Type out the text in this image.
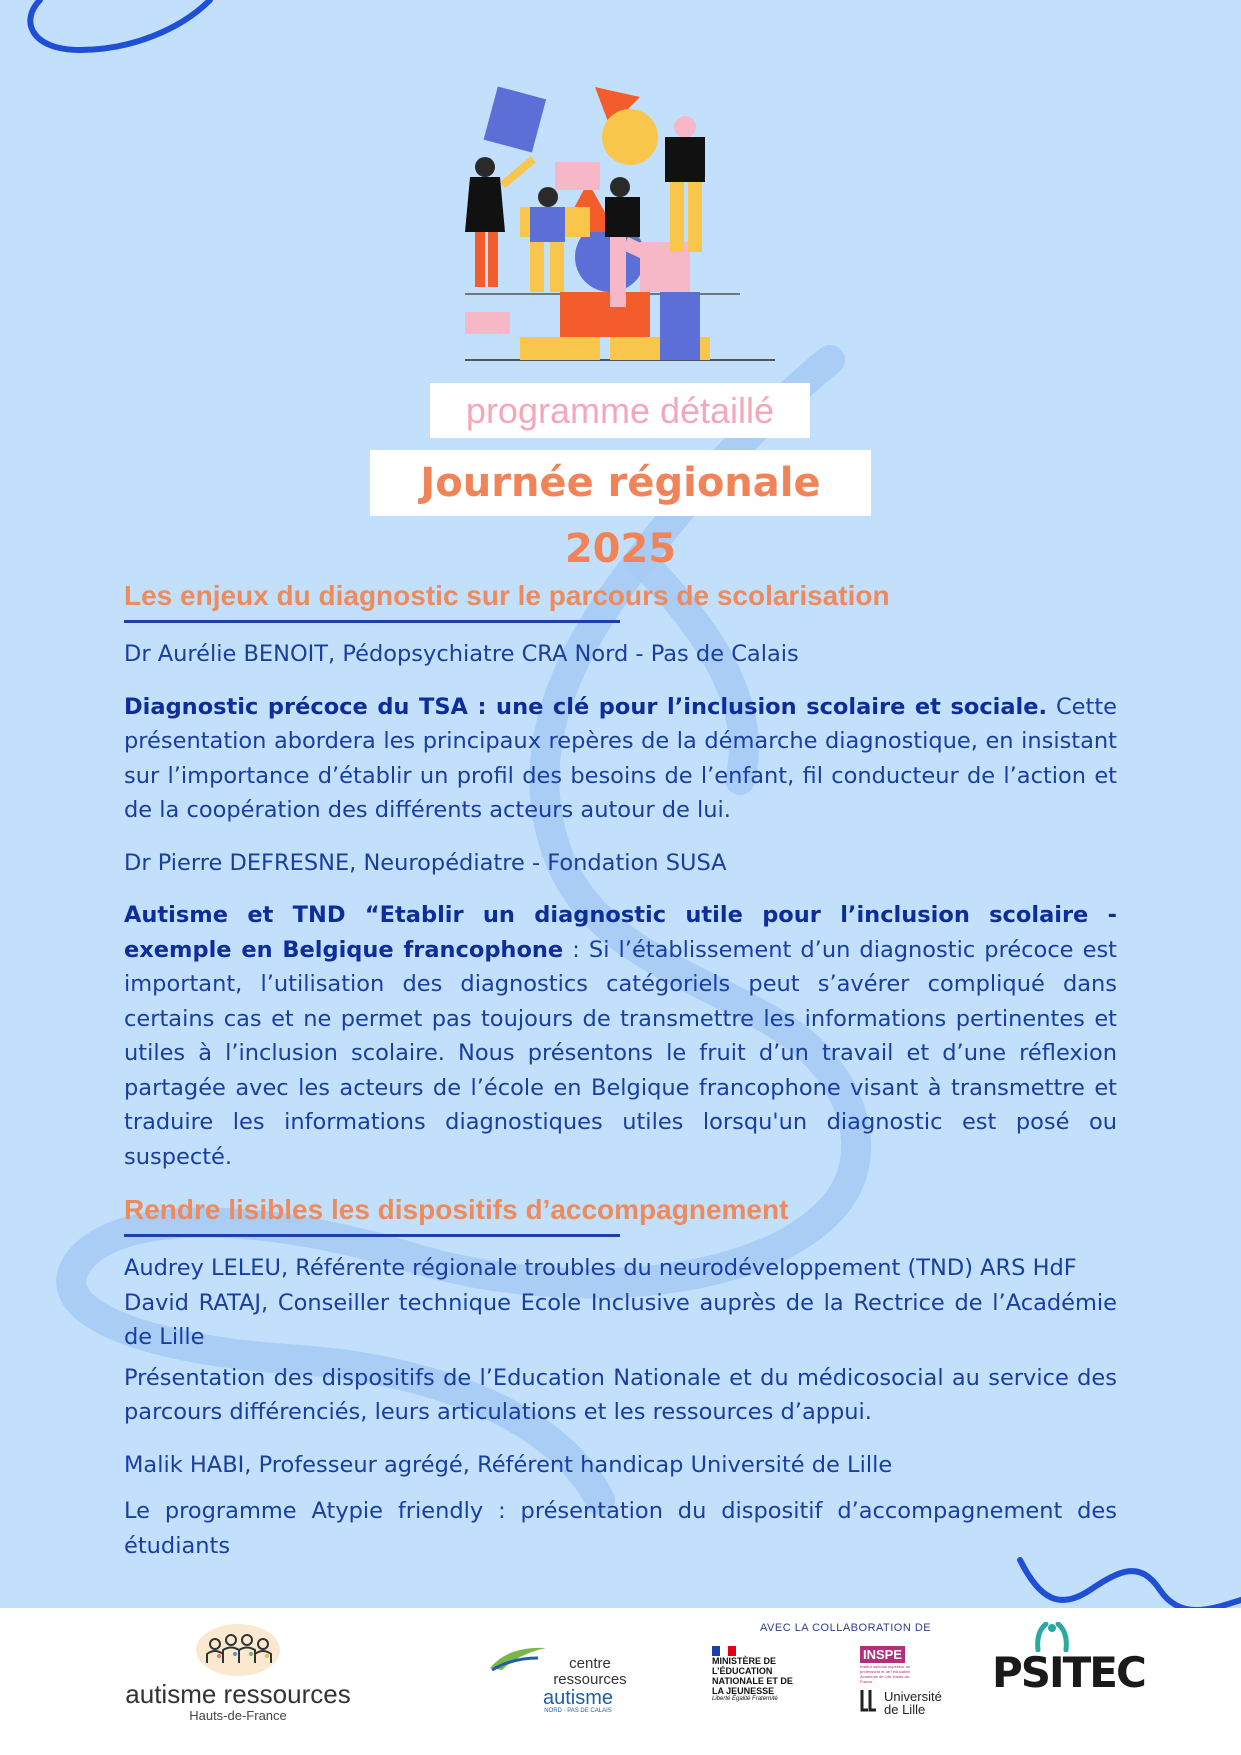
programme détaillé
Journée régionale 2025
Les enjeux du diagnostic sur le parcours de scolarisation

Dr Aurélie BENOIT, Pédopsychiatre CRA Nord - Pas de Calais

Diagnostic précoce du TSA : une clé pour l’inclusion scolaire et sociale. Cette présentation abordera les principaux repères de la démarche diagnostique, en insistant sur l’importance d’établir un profil des besoins de l’enfant, fil conducteur de l’action et de la coopération des différents acteurs autour de lui.

Dr Pierre DEFRESNE, Neuropédiatre - Fondation SUSA

Autisme et TND “Etablir un diagnostic utile pour l’inclusion scolaire - exemple en Belgique francophone : Si l’établissement d’un diagnostic précoce est important, l’utilisation des diagnostics catégoriels peut s’avérer compliqué dans certains cas et ne permet pas toujours de transmettre les informations pertinentes et utiles à l’inclusion scolaire. Nous présentons le fruit d’un travail et d’une réflexion partagée avec les acteurs de l’école en Belgique francophone visant à transmettre et traduire les informations diagnostiques utiles lorsqu'un diagnostic est posé ou suspecté.

Rendre lisibles les dispositifs d’accompagnement

Audrey LELEU, Référente régionale troubles du neurodéveloppement (TND) ARS HdF

David RATAJ, Conseiller technique Ecole Inclusive auprès de la Rectrice de l’Académie de Lille

Présentation des dispositifs de l’Education Nationale et du médicosocial au service des parcours différenciés, leurs articulations et les ressources d’appui.

Malik HABI, Professeur agrégé, Référent handicap Université de Lille

Le programme Atypie friendly : présentation du dispositif d’accompagnement des étudiants

autisme ressources
Hauts-de-France
centre ressources
autisme
NORD · PAS DE CALAIS
AVEC LA COLLABORATION DE
MINISTÈRE DE L’ÉDUCATION NATIONALE ET DE LA JEUNESSE
Liberté Égalité Fraternité
INSPE Institut national supérieur du professorat et de l’éducation Académie de Lille Hauts-de-France
Université
de Lille
PSITEC
